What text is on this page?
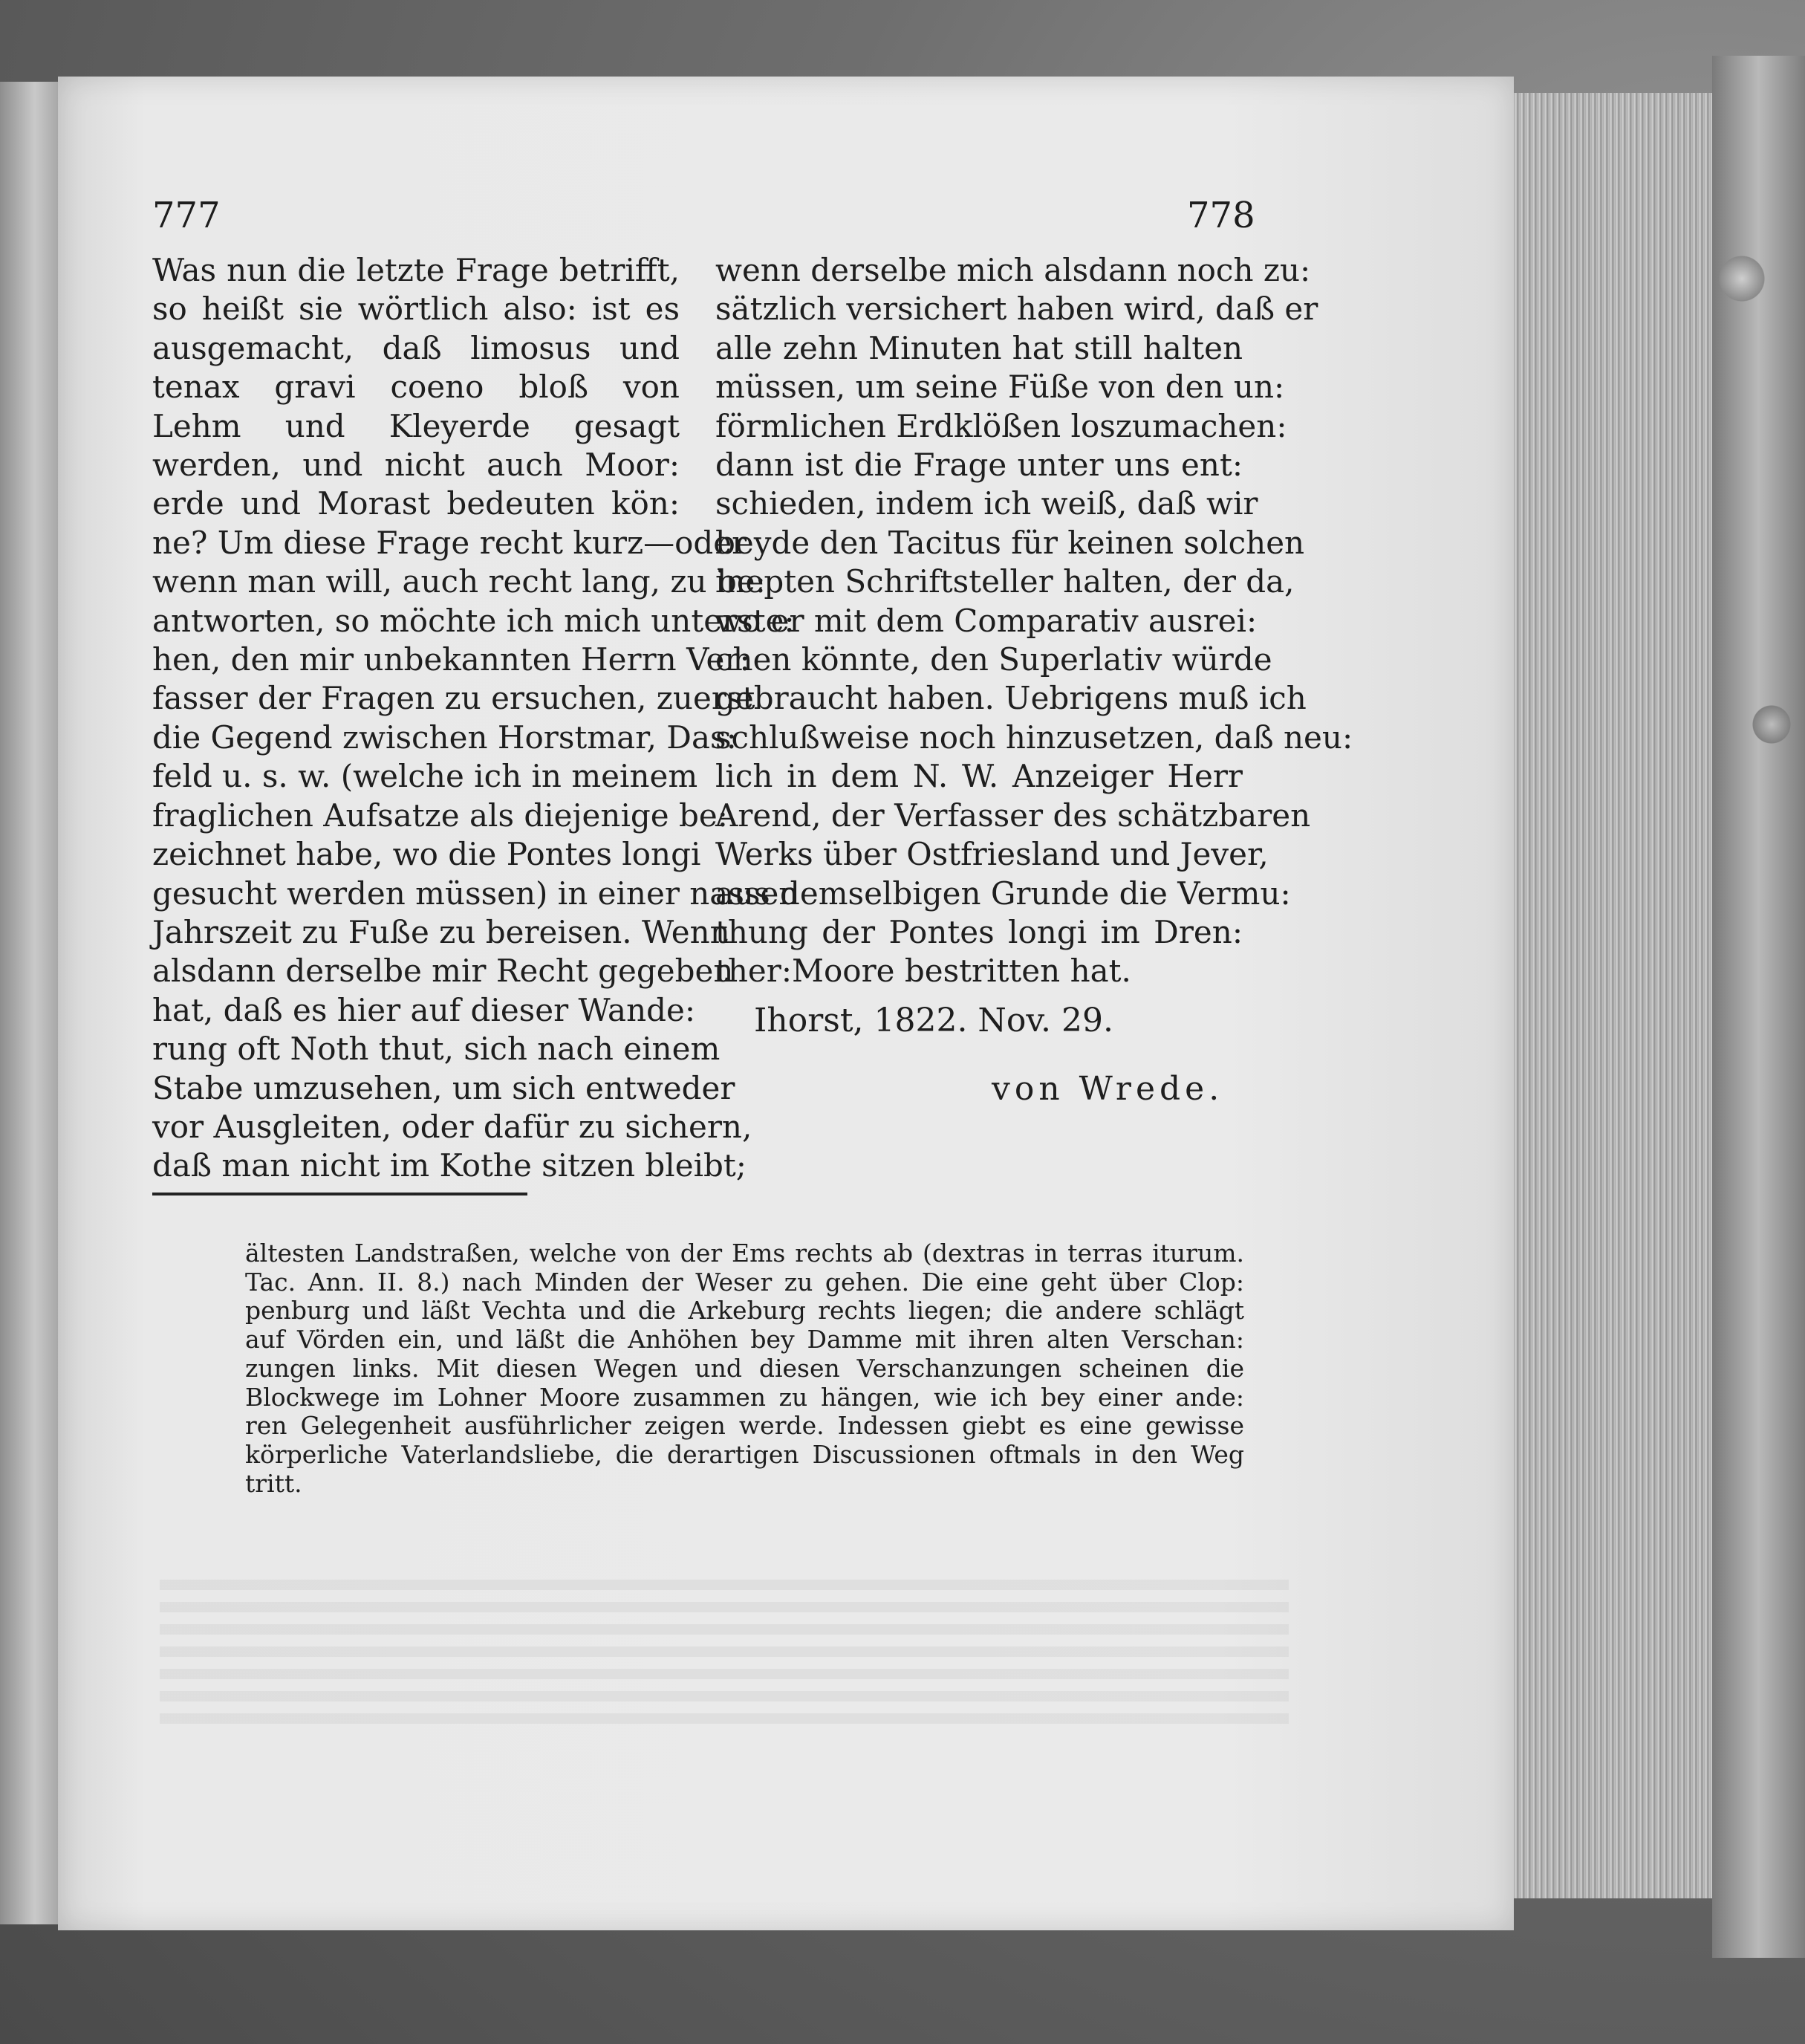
777	778
Was nun die letzte Frage betrifft,
so heißt sie wörtlich also: ist es
ausgemacht, daß limosus und
tenax gravi coeno bloß von
Lehm und Kleyerde gesagt
werden, und nicht auch Moor:
erde und Morast bedeuten kön:
ne? Um diese Frage recht kurz—oder
wenn man will, auch recht lang, zu be:
antworten, so möchte ich mich unterste:
hen, den mir unbekannten Herrn Ver:
fasser der Fragen zu ersuchen, zuerst
die Gegend zwischen Horstmar, Das:
feld u. s. w. (welche ich in meinem
fraglichen Aufsatze als diejenige be:
zeichnet habe, wo die Pontes longi
gesucht werden müssen) in einer nassen
Jahrszeit zu Fuße zu bereisen. Wenn
alsdann derselbe mir Recht gegeben
hat, daß es hier auf dieser Wande:
rung oft Noth thut, sich nach einem
Stabe umzusehen, um sich entweder
vor Ausgleiten, oder dafür zu sichern,
daß man nicht im Kothe sitzen bleibt;
wenn derselbe mich alsdann noch zu:
sätzlich versichert haben wird, daß er
alle zehn Minuten hat still halten
müssen, um seine Füße von den un:
förmlichen Erdklößen loszumachen:
dann ist die Frage unter uns ent:
schieden, indem ich weiß, daß wir
beyde den Tacitus für keinen solchen
inepten Schriftsteller halten, der da,
wo er mit dem Comparativ ausrei:
chen könnte, den Superlativ würde
gebraucht haben. Uebrigens muß ich
schlußweise noch hinzusetzen, daß neu:
lich in dem N. W. Anzeiger Herr
Arend, der Verfasser des schätzbaren
Werks über Ostfriesland und Jever,
aus demselbigen Grunde die Vermu:
thung der Pontes longi im Dren:
ther:Moore bestritten hat.
Ihorst, 1822. Nov. 29.
von Wrede.
ältesten Landstraßen, welche von der Ems rechts ab (dextras in terras iturum.
Tac. Ann. II. 8.) nach Minden der Weser zu gehen. Die eine geht über Clop:
penburg und läßt Vechta und die Arkeburg rechts liegen; die andere schlägt
auf Vörden ein, und läßt die Anhöhen bey Damme mit ihren alten Verschan:
zungen links. Mit diesen Wegen und diesen Verschanzungen scheinen die
Blockwege im Lohner Moore zusammen zu hängen, wie ich bey einer ande:
ren Gelegenheit ausführlicher zeigen werde. Indessen giebt es eine gewisse
körperliche Vaterlandsliebe, die derartigen Discussionen oftmals in den Weg
tritt.
